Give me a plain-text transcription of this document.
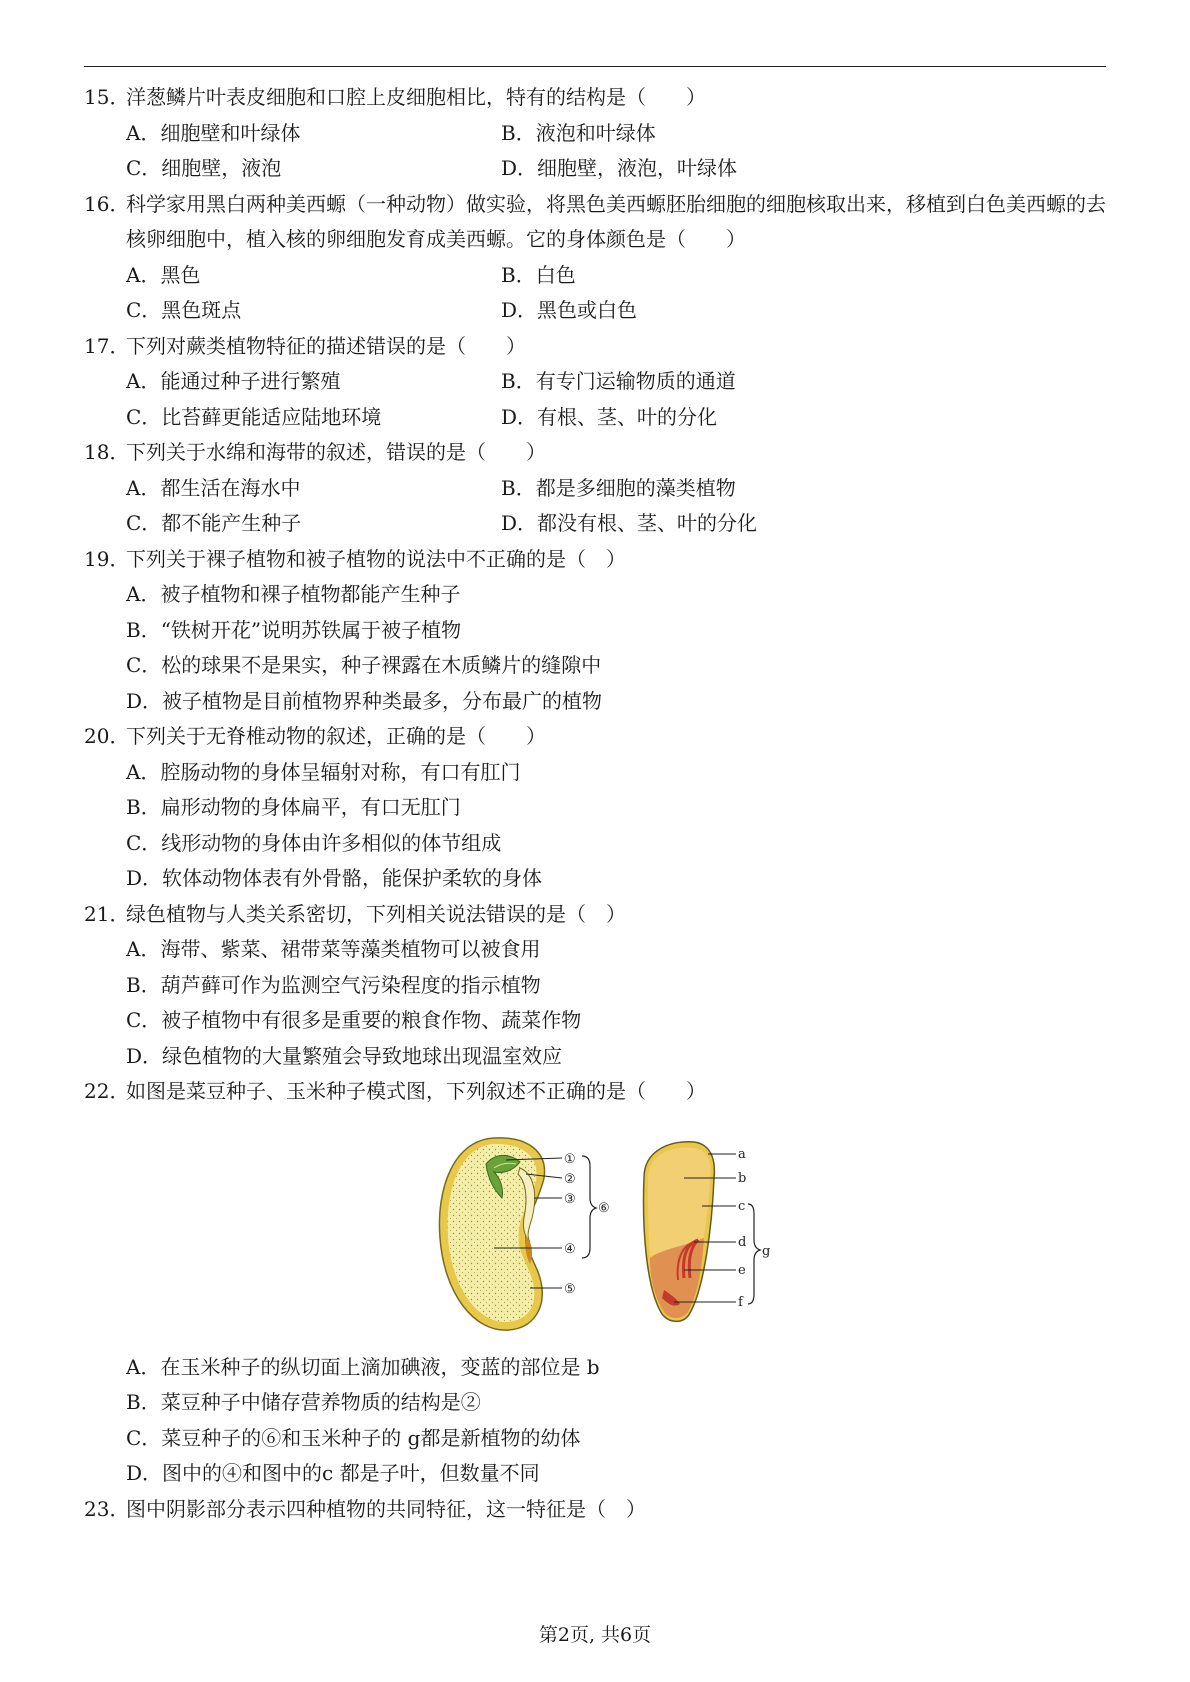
15．
洋葱鳞片叶表皮细胞和口腔上皮细胞相比，特有的结构是（　　）
A．细胞壁和叶绿体	B．液泡和叶绿体
C．细胞壁，液泡	D．细胞壁，液泡，叶绿体
16．
科学家用黑白两种美西螈（一种动物）做实验，将黑色美西螈胚胎细胞的细胞核取出来，移植到白色美西螈的去核卵细胞中，植入核的卵细胞发育成美西螈。它的身体颜色是（　　）
A．黑色	B．白色
C．黑色斑点	D．黑色或白色
17．
下列对蕨类植物特征的描述错误的是（　　）
A．能通过种子进行繁殖	B．有专门运输物质的通道
C．比苔藓更能适应陆地环境	D．有根、茎、叶的分化
18．
下列关于水绵和海带的叙述，错误的是（　　）
A．都生活在海水中	B．都是多细胞的藻类植物
C．都不能产生种子	D．都没有根、茎、叶的分化
19．
下列关于裸子植物和被子植物的说法中不正确的是（　）
A．被子植物和裸子植物都能产生种子
B．“铁树开花”说明苏铁属于被子植物
C．松的球果不是果实，种子裸露在木质鳞片的缝隙中
D．被子植物是目前植物界种类最多，分布最广的植物
20．
下列关于无脊椎动物的叙述，正确的是（　　）
A．腔肠动物的身体呈辐射对称，有口有肛门
B．扁形动物的身体扁平，有口无肛门
C．线形动物的身体由许多相似的体节组成
D．软体动物体表有外骨骼，能保护柔软的身体
21．
绿色植物与人类关系密切，下列相关说法错误的是（　）
A．海带、紫菜、裙带菜等藻类植物可以被食用
B．葫芦藓可作为监测空气污染程度的指示植物
C．被子植物中有很多是重要的粮食作物、蔬菜作物
D．绿色植物的大量繁殖会导致地球出现温室效应
22．
如图是菜豆种子、玉米种子模式图，下列叙述不正确的是（　　）
①
②
③
④
⑤
⑥
a
b
c
d
e
f
g
A．在玉米种子的纵切面上滴加碘液，变蓝的部位是 b
B．菜豆种子中储存营养物质的结构是②
C．菜豆种子的⑥和玉米种子的 g都是新植物的幼体
D．图中的④和图中的c 都是子叶，但数量不同
23．
图中阴影部分表示四种植物的共同特征，这一特征是（　）
第2页, 共6页
